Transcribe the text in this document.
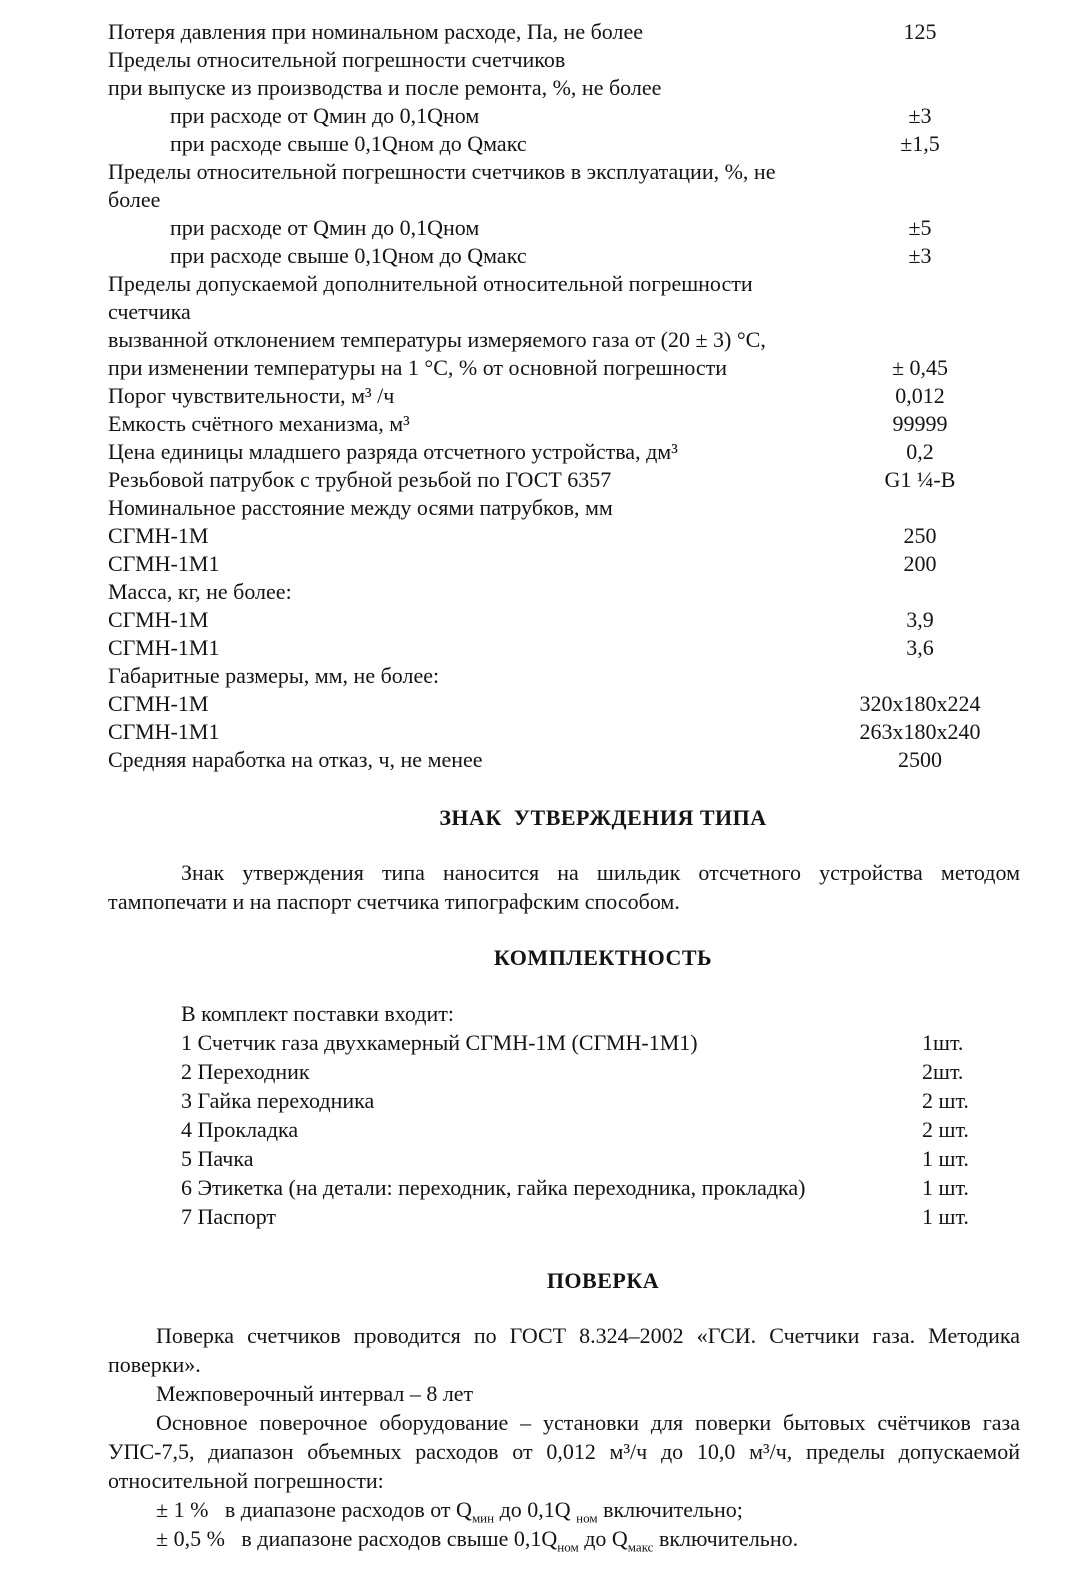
Потеря давления при номинальном расходе, Па, не более	125
Пределы относительной погрешности счетчиков
при выпуске из производства и после ремонта, %, не более
при расходе от Qмин до 0,1Qном	±3
при расходе свыше 0,1Qном до Qмакс	±1,5
Пределы относительной погрешности счетчиков в эксплуатации, %, не более
при расходе от Qмин до 0,1Qном	±5
при расходе свыше 0,1Qном до Qмакс	±3
Пределы допускаемой дополнительной относительной погрешности счетчика
вызванной отклонением температуры измеряемого газа от (20 ± 3) °С,
при изменении температуры на 1 °С, % от основной погрешности	± 0,45
Порог чувствительности, м³ /ч	0,012
Емкость счётного механизма, м³	99999
Цена единицы младшего разряда отсчетного устройства, дм³	0,2
Резьбовой патрубок с трубной резьбой по ГОСТ 6357	G1 ¼-B
Номинальное расстояние между осями патрубков, мм
СГМН-1М	250
СГМН-1М1	200
Масса, кг, не более:
СГМН-1М	3,9
СГМН-1М1	3,6
Габаритные размеры, мм, не более:
СГМН-1М	320x180x224
СГМН-1М1	263x180x240
Средняя наработка на отказ, ч, не менее	2500
ЗНАК  УТВЕРЖДЕНИЯ ТИПА

Знак утверждения типа наносится на шильдик отсчетного устройства методом тампопечати и на паспорт счетчика типографским способом.

КОМПЛЕКТНОСТЬ
В комплект поставки входит:
1 Счетчик газа двухкамерный СГМН-1М (СГМН-1М1)	1шт.
2 Переходник	2шт.
3 Гайка переходника	2 шт.
4 Прокладка	2 шт.
5 Пачка	1 шт.
6 Этикетка (на детали: переходник, гайка переходника, прокладка)	1 шт.
7 Паспорт	1 шт.
ПОВЕРКА

Поверка счетчиков проводится по ГОСТ 8.324–2002 «ГСИ. Счетчики газа. Методика поверки».

Межповерочный интервал – 8 лет

Основное поверочное оборудование – установки для поверки бытовых счётчиков газа УПС-7,5, диапазон объемных расходов от 0,012 м³/ч до 10,0 м³/ч, пределы допускаемой относительной погрешности:

± 1 %   в диапазоне расходов от $Q_{мин}$ до 0,1Q $_{ном}$ включительно;
± 0,5 %   в диапазоне расходов свыше $0,1Q_{ном}$ до $Q_{макс}$ включительно.
